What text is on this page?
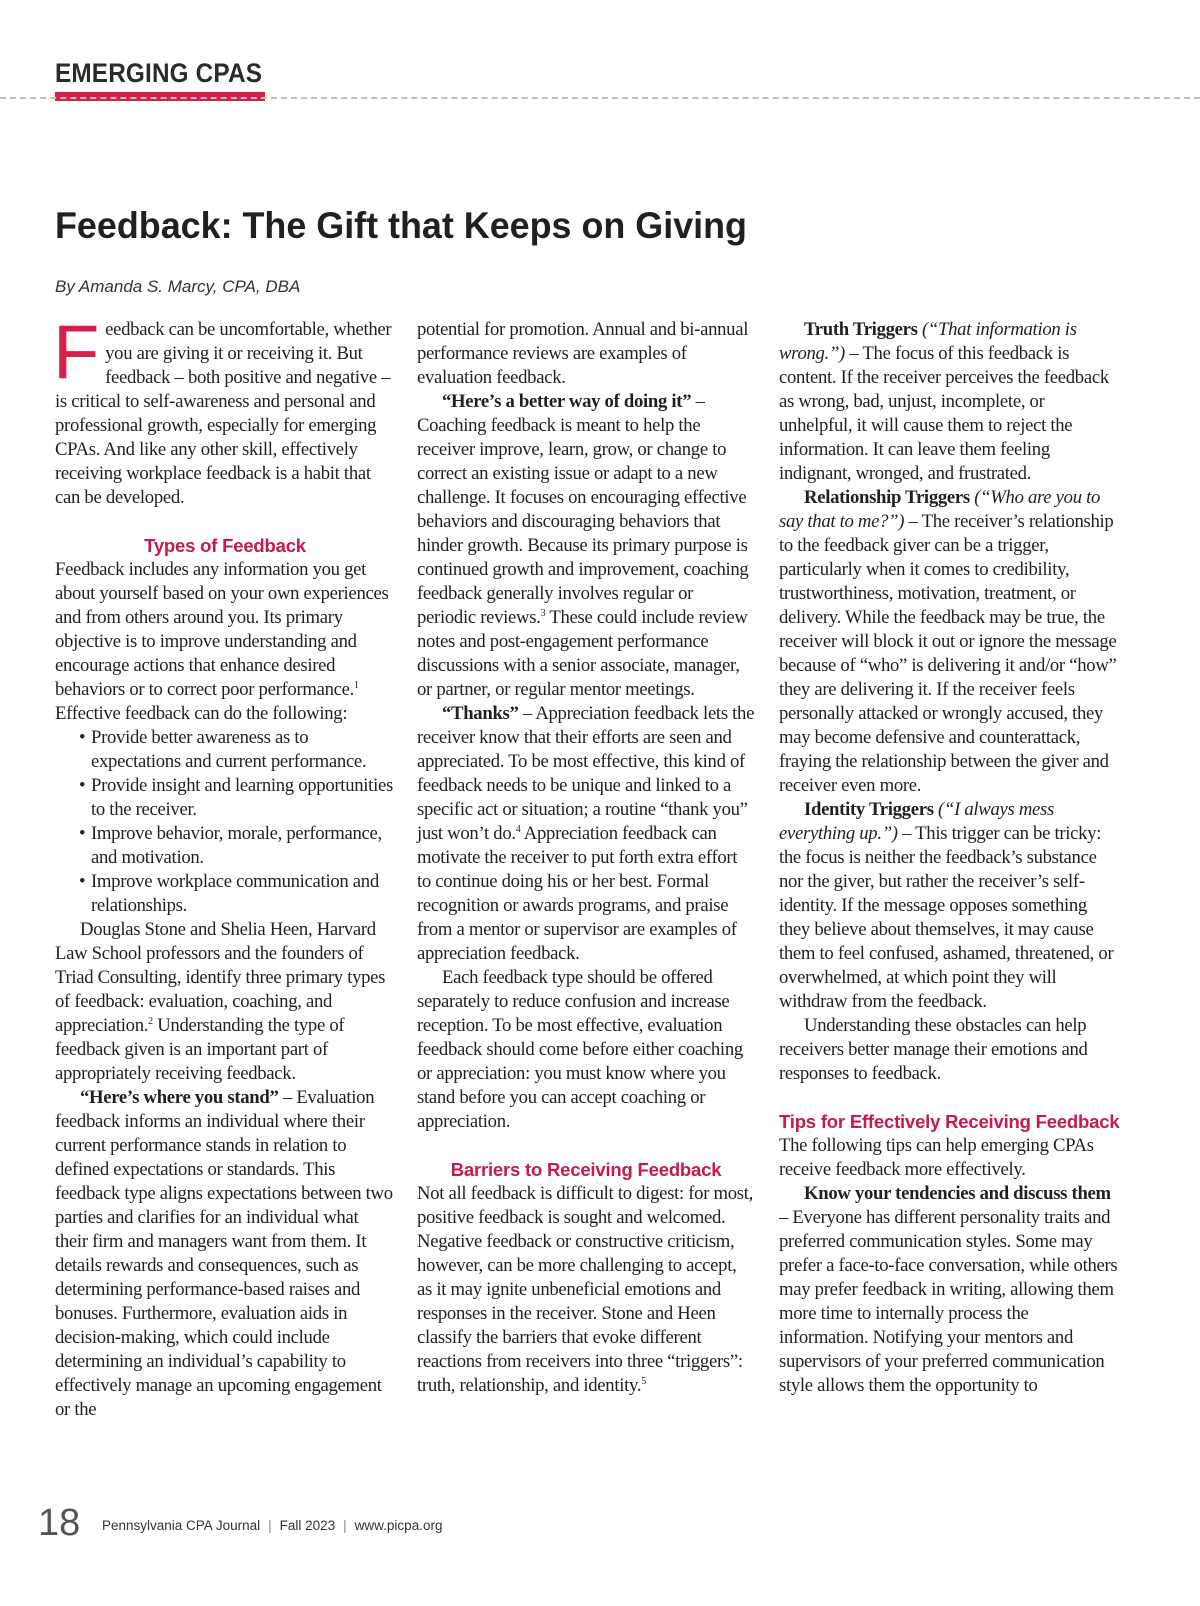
EMERGING CPAS
Feedback: The Gift that Keeps on Giving
By Amanda S. Marcy, CPA, DBA

Feedback can be uncomfortable, whether you are giving it or receiving it. But feedback – both positive and negative – is critical to self-awareness and personal and professional growth, especially for emerging CPAs. And like any other skill, effectively receiving workplace feedback is a habit that can be developed.

Types of Feedback

Feedback includes any information you get about yourself based on your own experiences and from others around you. Its primary objective is to improve understanding and encourage actions that enhance desired behaviors or to correct poor performance.$^1$ Effective feedback can do the following:

• Provide better awareness as to expectations and current performance.
• Provide insight and learning opportunities to the receiver.
• Improve behavior, morale, performance, and motivation.
• Improve workplace communication and relationships.

Douglas Stone and Shelia Heen, Harvard Law School professors and the founders of Triad Consulting, identify three primary types of feedback: evaluation, coaching, and appreciation.$^2$ Understanding the type of feedback given is an important part of appropriately receiving feedback.

“Here’s where you stand” – Evaluation feedback informs an individual where their current performance stands in relation to defined expectations or standards. This feedback type aligns expectations between two parties and clarifies for an individual what their firm and managers want from them. It details rewards and consequences, such as determining performance-based raises and bonuses. Furthermore, evaluation aids in decision-making, which could include determining an individual’s capability to effectively manage an upcoming engagement or the

potential for promotion. Annual and bi-annual performance reviews are examples of evaluation feedback.

“Here’s a better way of doing it” – Coaching feedback is meant to help the receiver improve, learn, grow, or change to correct an existing issue or adapt to a new challenge. It focuses on encouraging effective behaviors and discouraging behaviors that hinder growth. Because its primary purpose is continued growth and improvement, coaching feedback generally involves regular or periodic reviews.$^3$ These could include review notes and post-engagement performance discussions with a senior associate, manager, or partner, or regular mentor meetings.

“Thanks” – Appreciation feedback lets the receiver know that their efforts are seen and appreciated. To be most effective, this kind of feedback needs to be unique and linked to a specific act or situation; a routine “thank you” just won’t do.$^4$ Appreciation feedback can motivate the receiver to put forth extra effort to continue doing his or her best. Formal recognition or awards programs, and praise from a mentor or supervisor are examples of appreciation feedback.

Each feedback type should be offered separately to reduce confusion and increase reception. To be most effective, evaluation feedback should come before either coaching or appreciation: you must know where you stand before you can accept coaching or appreciation.

Barriers to Receiving Feedback

Not all feedback is difficult to digest: for most, positive feedback is sought and welcomed. Negative feedback or constructive criticism, however, can be more challenging to accept, as it may ignite unbeneficial emotions and responses in the receiver. Stone and Heen classify the barriers that evoke different reactions from receivers into three “triggers”: truth, relationship, and identity.$^5$

Truth Triggers (“That information is wrong.”) – The focus of this feedback is content. If the receiver perceives the feedback as wrong, bad, unjust, incomplete, or unhelpful, it will cause them to reject the information. It can leave them feeling indignant, wronged, and frustrated.

Relationship Triggers (“Who are you to say that to me?”) – The receiver’s relationship to the feedback giver can be a trigger, particularly when it comes to credibility, trustworthiness, motivation, treatment, or delivery. While the feedback may be true, the receiver will block it out or ignore the message because of “who” is delivering it and/or “how” they are delivering it. If the receiver feels personally attacked or wrongly accused, they may become defensive and counterattack, fraying the relationship between the giver and receiver even more.

Identity Triggers (“I always mess everything up.”) – This trigger can be tricky: the focus is neither the feedback’s substance nor the giver, but rather the receiver’s self-identity. If the message opposes something they believe about themselves, it may cause them to feel confused, ashamed, threatened, or overwhelmed, at which point they will withdraw from the feedback.

Understanding these obstacles can help receivers better manage their emotions and responses to feedback.

Tips for Effectively Receiving Feedback

The following tips can help emerging CPAs receive feedback more effectively.

Know your tendencies and discuss them – Everyone has different personality traits and preferred communication styles. Some may prefer a face-to-face conversation, while others may prefer feedback in writing, allowing them more time to internally process the information. Notifying your mentors and supervisors of your preferred communication style allows them the opportunity to

18 Pennsylvania CPA Journal | Fall 2023 | www.picpa.org
